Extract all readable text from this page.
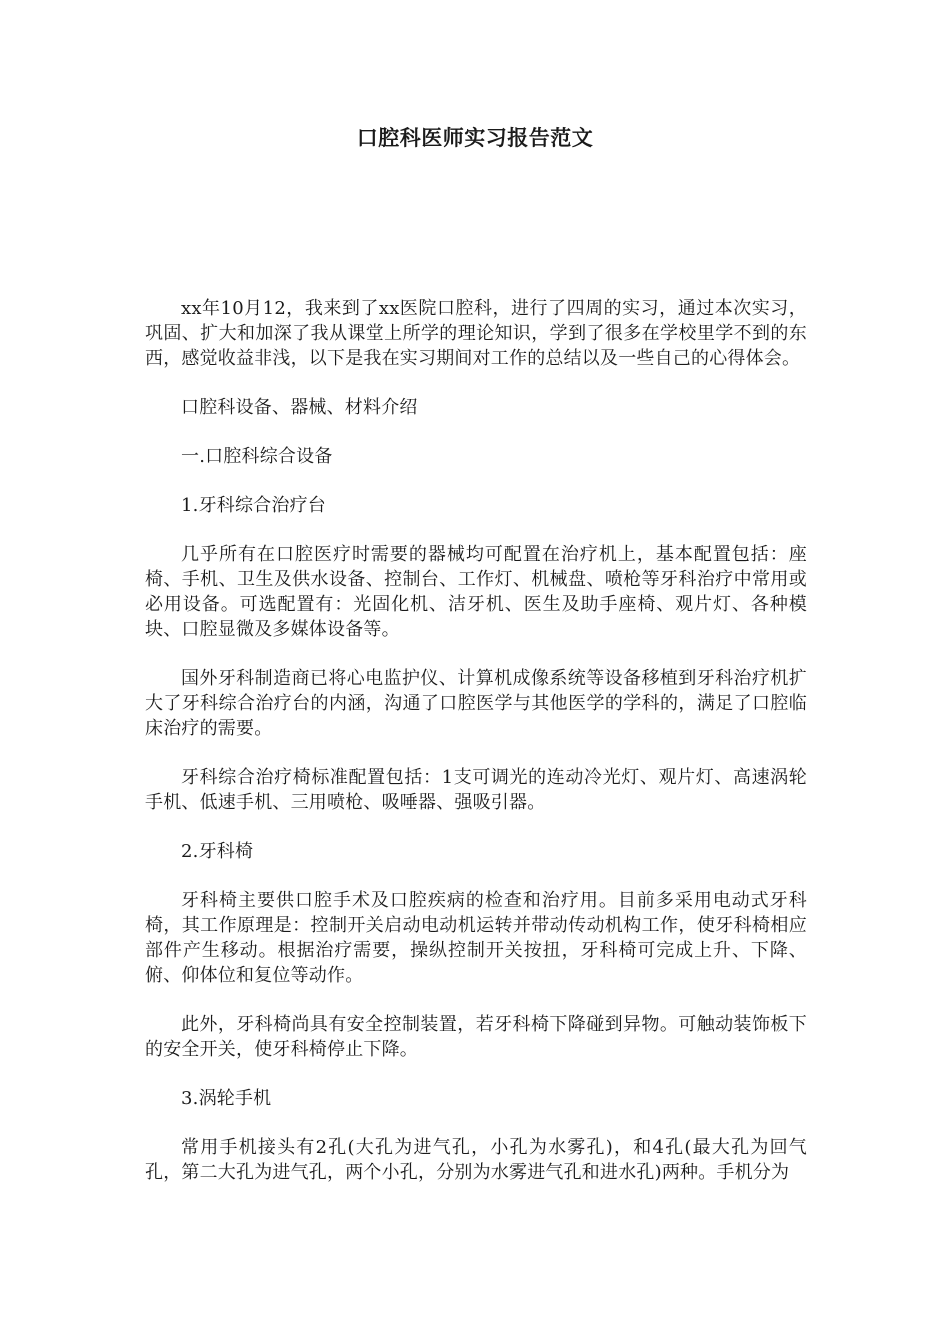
口腔科医师实习报告范文

xx年10月12，我来到了xx医院口腔科，进行了四周的实习，通过本次实习，巩固、扩大和加深了我从课堂上所学的理论知识，学到了很多在学校里学不到的东西，感觉收益非浅，以下是我在实习期间对工作的总结以及一些自己的心得体会。

口腔科设备、器械、材料介绍

一.口腔科综合设备

1.牙科综合治疗台

几乎所有在口腔医疗时需要的器械均可配置在治疗机上，基本配置包括：座椅、手机、卫生及供水设备、控制台、工作灯、机械盘、喷枪等牙科治疗中常用或必用设备。可选配置有：光固化机、洁牙机、医生及助手座椅、观片灯、各种模块、口腔显微及多媒体设备等。

国外牙科制造商已将心电监护仪、计算机成像系统等设备移植到牙科治疗机扩大了牙科综合治疗台的内涵，沟通了口腔医学与其他医学的学科的，满足了口腔临床治疗的需要。

牙科综合治疗椅标准配置包括：1支可调光的连动冷光灯、观片灯、高速涡轮手机、低速手机、三用喷枪、吸唾器、强吸引器。

2.牙科椅

牙科椅主要供口腔手术及口腔疾病的检查和治疗用。目前多采用电动式牙科椅，其工作原理是：控制开关启动电动机运转并带动传动机构工作，使牙科椅相应部件产生移动。根据治疗需要，操纵控制开关按扭，牙科椅可完成上升、下降、俯、仰体位和复位等动作。

此外，牙科椅尚具有安全控制装置，若牙科椅下降碰到异物。可触动装饰板下的安全开关，使牙科椅停止下降。

3.涡轮手机

常用手机接头有2孔(大孔为进气孔，小孔为水雾孔)，和4孔(最大孔为回气孔，第二大孔为进气孔，两个小孔，分别为水雾进气孔和进水孔)两种。手机分为
